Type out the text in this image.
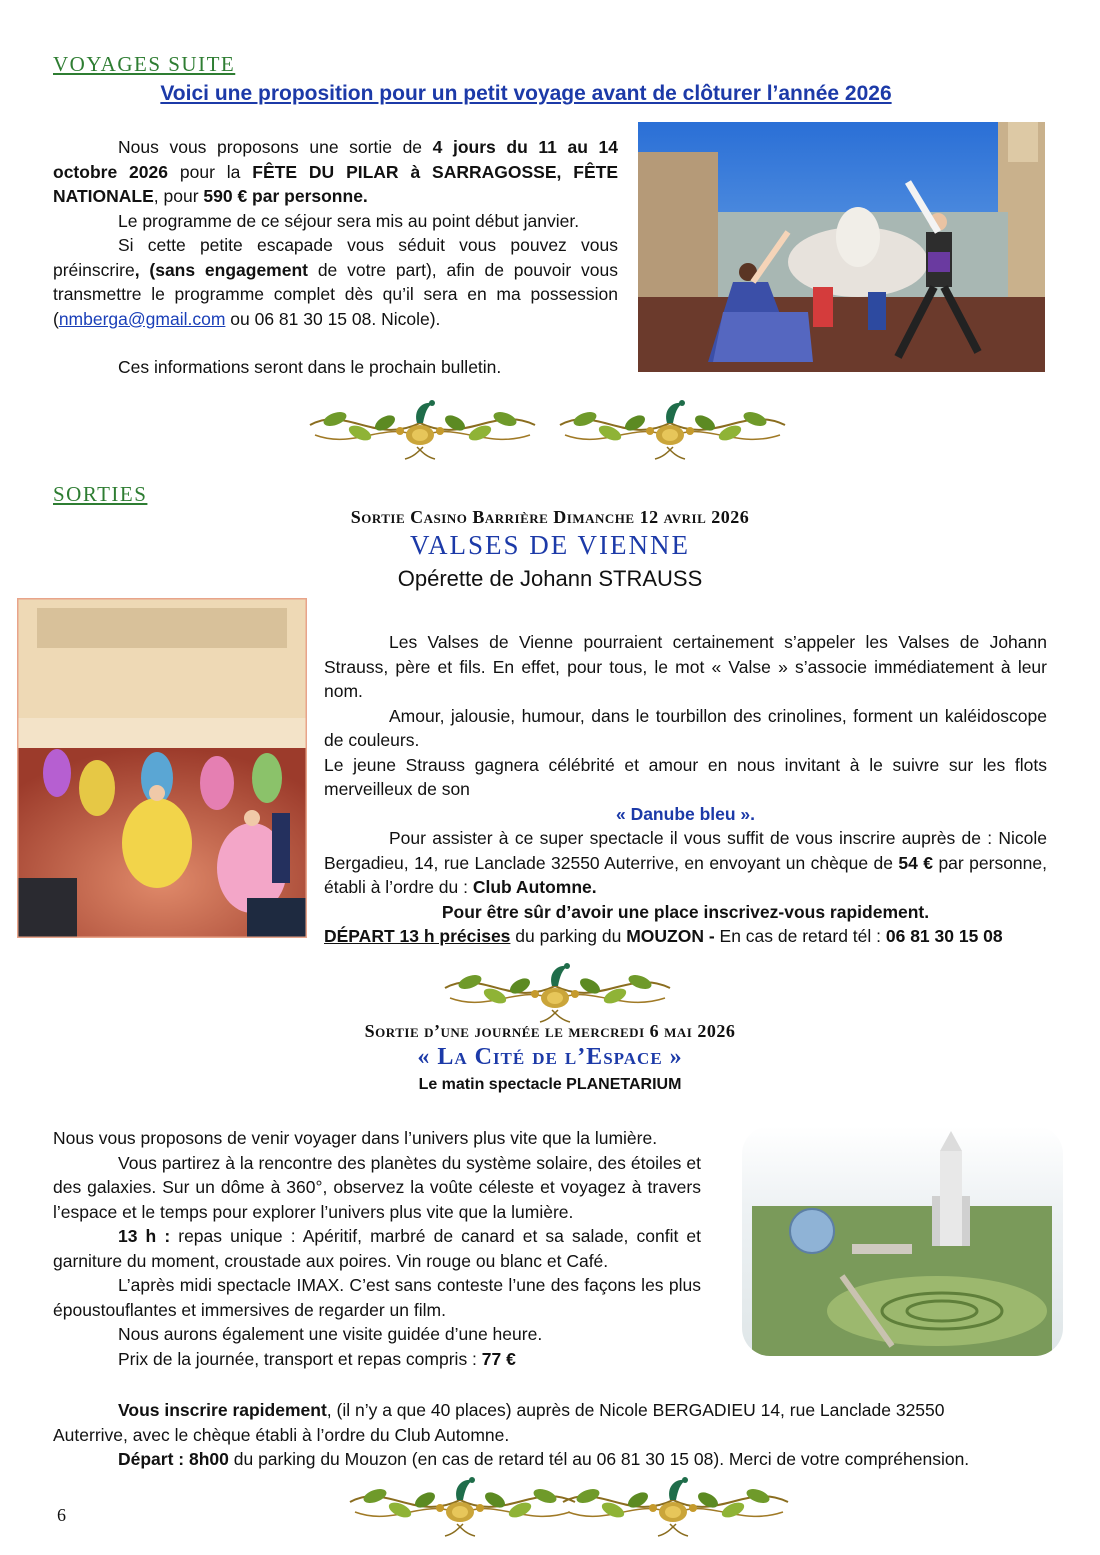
VOYAGES SUITE
Voici une proposition pour un petit voyage avant de clôturer l’année 2026
Nous vous proposons une sortie de 4 jours du 11 au 14 octobre 2026 pour la FÊTE DU PILAR à SARRAGOSSE, FÊTE NATIONALE, pour 590 € par personne.
Le programme de ce séjour sera mis au point début janvier.
Si cette petite escapade vous séduit vous pouvez vous préinscrire, (sans engagement de votre part), afin de pouvoir vous transmettre le programme complet dès qu’il sera en ma possession (nmberga@gmail.com ou 06 81 30 15 08. Nicole).
Ces informations seront dans le prochain bulletin.
SORTIES
Sortie Casino Barrière Dimanche 12 avril 2026
VALSES DE VIENNE
Opérette de Johann STRAUSS
Les Valses de Vienne pourraient certainement s’appeler les Valses de Johann Strauss, père et fils. En effet, pour tous, le mot « Valse » s’associe immédiatement à leur nom.
Amour, jalousie, humour, dans le tourbillon des crinolines, forment un kaléidoscope de couleurs.
Le jeune Strauss gagnera célébrité et amour en nous invitant à le suivre sur les flots merveilleux de son
« Danube bleu ».
Pour assister à ce super spectacle il vous suffit de vous inscrire auprès de : Nicole Bergadieu, 14, rue Lanclade 32550 Auterrive, en envoyant un chèque de 54 € par personne, établi à l’ordre du : Club Automne.
Pour être sûr d’avoir une place inscrivez-vous rapidement.
DÉPART 13 h précises du parking du MOUZON - En cas de retard tél : 06 81 30 15 08
Sortie d’une journée le mercredi 6 mai 2026
« La Cité de l’Espace »
Le matin spectacle PLANETARIUM
Nous vous proposons de venir voyager dans l’univers plus vite que la lumière.
Vous partirez à la rencontre des planètes du système solaire, des étoiles et des galaxies. Sur un dôme à 360°, observez la voûte céleste et voyagez à travers l’espace et le temps pour explorer l’univers plus vite que la lumière.
13 h : repas unique : Apéritif, marbré de canard et sa salade, confit et garniture du moment, croustade aux poires. Vin rouge ou blanc et Café.
L’après midi spectacle IMAX. C’est sans conteste l’une des façons les plus époustouflantes et immersives de regarder un film.
Nous aurons également une visite guidée d’une heure.
Prix de la journée, transport et repas compris : 77 €
Vous inscrire rapidement, (il n’y a que 40 places) auprès de Nicole BERGADIEU 14, rue Lanclade 32550 Auterrive, avec le chèque établi à l’ordre du Club Automne.
Départ : 8h00 du parking du Mouzon (en cas de retard tél au 06 81 30 15 08). Merci de votre compréhension.
6
